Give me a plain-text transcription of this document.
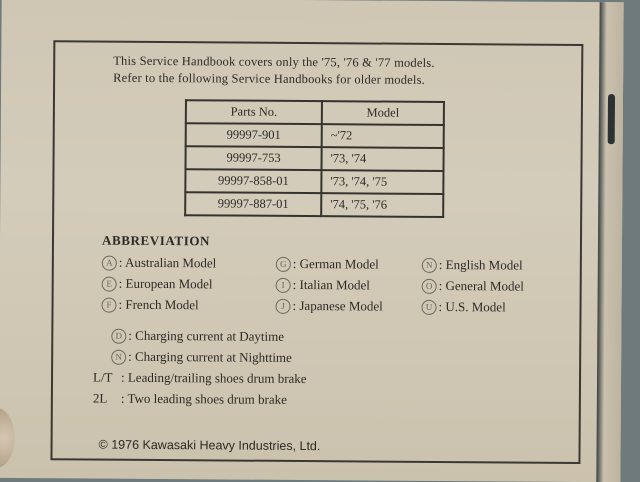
This Service Handbook covers only the '75, '76 & '77 models.
Refer to the following Service Handbooks for older models.
Parts No.	Model
99997-901	~'72
99997-753	'73, '74
99997-858-01	'73, '74, '75
99997-887-01	'74, '75, '76
ABBREVIATION
A : Australian Model	G : German Model	N : English Model
E : European Model	I : Italian Model	O : General Model
F : French Model	J : Japanese Model	U : U.S. Model
D : Charging current at Daytime
N : Charging current at Nighttime
L/T : Leading/trailing shoes drum brake
2L : Two leading shoes drum brake
© 1976 Kawasaki Heavy Industries, Ltd.
